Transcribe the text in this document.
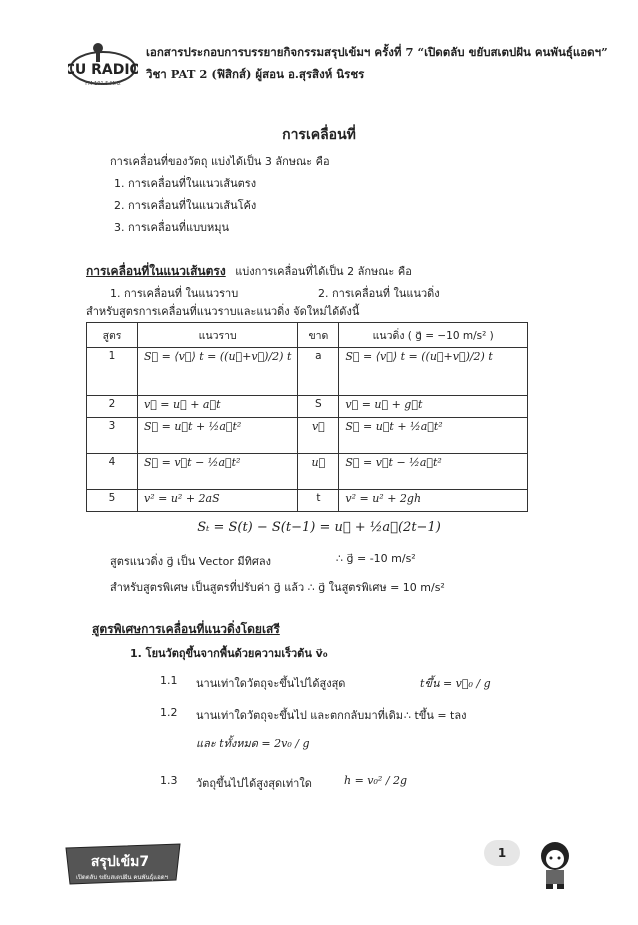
CU RADIO
FM 101.5 MHz
เอกสารประกอบการบรรยายกิจกรรมสรุปเข้มฯ ครั้งที่ 7 “เปิดตลับ ขยับสเตปฝัน คนพันธุ์แอดฯ”
วิชา PAT 2 (ฟิสิกส์) ผู้สอน อ.สุรสิงห์ นิรชร
การเคลื่อนที่
การเคลื่อนที่ของวัตถุ แบ่งได้เป็น 3 ลักษณะ คือ
1. การเคลื่อนที่ในแนวเส้นตรง
2. การเคลื่อนที่ในแนวเส้นโค้ง
3. การเคลื่อนที่แบบหมุน
การเคลื่อนที่ในแนวเส้นตรง แบ่งการเคลื่อนที่ได้เป็น 2 ลักษณะ คือ
1. การเคลื่อนที่ ในแนวราบ	2. การเคลื่อนที่ ในแนวดิ่ง
สำหรับสูตรการเคลื่อนที่แนวราบและแนวดิ่ง จัดใหม่ได้ดังนี้
สูตร	แนวราบ	ขาด	แนวดิ่ง ( g⃗ = −10 m/s² )
1	S⃗ = ⟨v⃗⟩ t = ((u⃗+v⃗)/2) t	a	S⃗ = ⟨v⃗⟩ t = ((u⃗+v⃗)/2) t
2	v⃗ = u⃗ + a⃗t	S	v⃗ = u⃗ + g⃗t
3	S⃗ = u⃗t + ½a⃗t²	v⃗	S⃗ = u⃗t + ½a⃗t²
4	S⃗ = v⃗t − ½a⃗t²	u⃗	S⃗ = v⃗t − ½a⃗t²
5	v² = u² + 2aS	t	v² = u² + 2gh
Sₜ = S(t) − S(t−1) = u⃗ + ½a⃗(2t−1)
สูตรแนวดิ่ง g⃗ เป็น Vector มีทิศลง	∴ g⃗ = -10 m/s²
สำหรับสูตรพิเศษ เป็นสูตรที่ปรับค่า g⃗ แล้ว ∴ g⃗ ในสูตรพิเศษ = 10 m/s²
สูตรพิเศษการเคลื่อนที่แนวดิ่งโดยเสรี
1. โยนวัตถุขึ้นจากพื้นด้วยความเร็วต้น v⃗₀
1.1 นานเท่าใดวัตถุจะขึ้นไปได้สูงสุด	tขึ้น = v⃗₀ / g
1.2 นานเท่าใดวัตถุจะขึ้นไป และตกกลับมาที่เดิม ∴ tขึ้น = tลง
และ tทั้งหมด = 2v₀ / g
1.3 วัตถุขึ้นไปได้สูงสุดเท่าใด	h = v₀² / 2g
สรุปเข้ม7
เปิดตลับ ขยับสเตปฝัน คนพันธุ์แอดฯ
1
